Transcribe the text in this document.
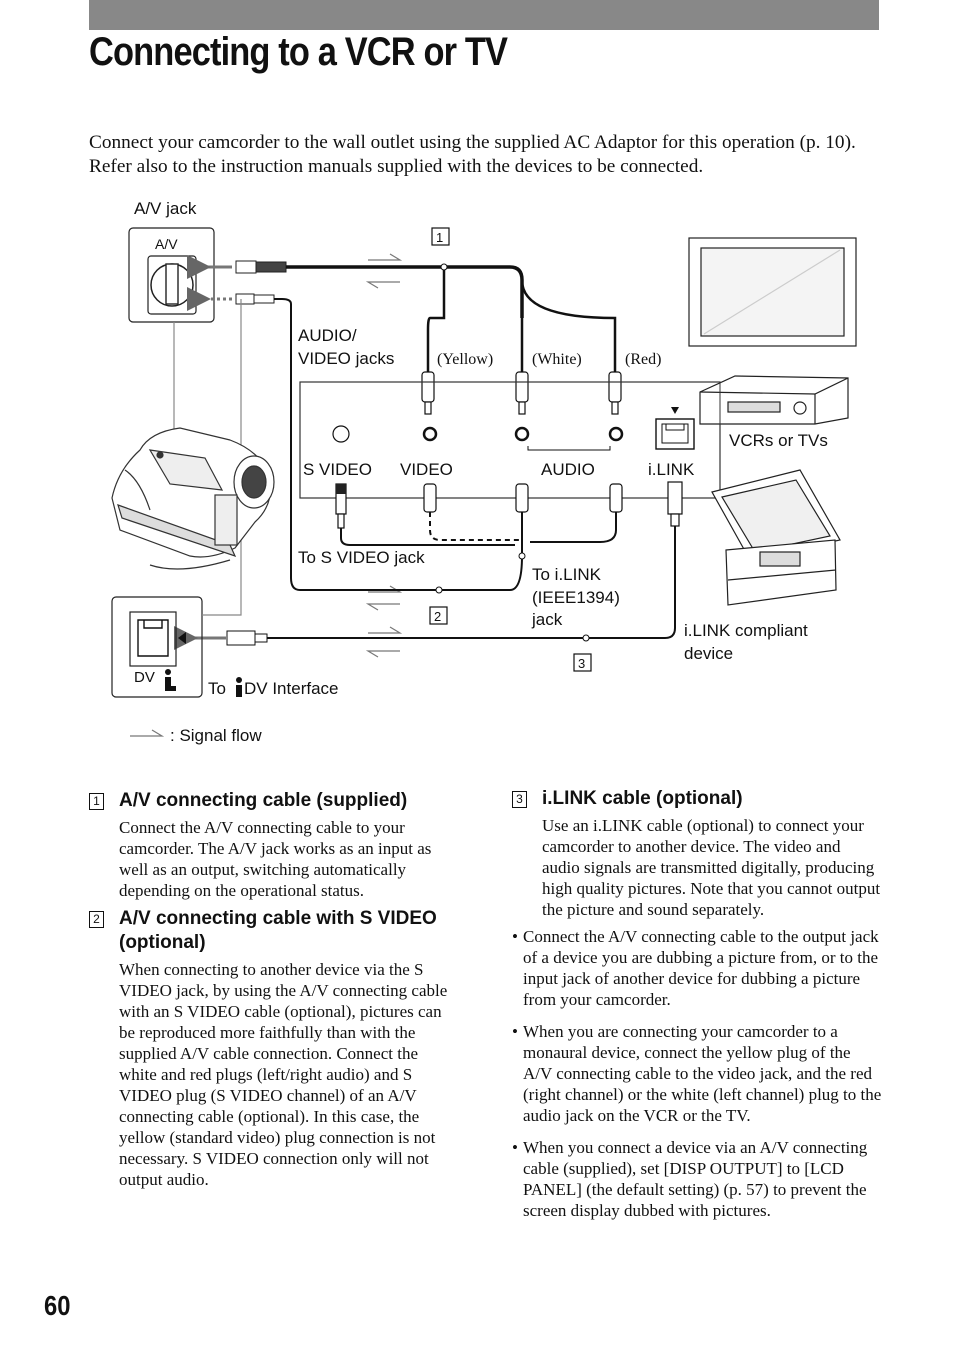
Connecting to a VCR or TV

Connect your camcorder to the wall outlet using the supplied AC Adaptor for this operation (p. 10). Refer also to the instruction manuals supplied with the devices to be connected.

A/V jack
A/V	1
AUDIO/
VIDEO jacks	(Yellow) (White)	(Red)
S VIDEO VIDEO	AUDIO	i.LINK
To S VIDEO jack
2
To i.LINK
(IEEE1394)
jack
3
DV
To DV Interface
VCRs or TVs
i.LINK compliant
device
: Signal flow

1 A/V connecting cable (supplied)

Connect the A/V connecting cable to your camcorder. The A/V jack works as an input as well as an output, switching automatically depending on the operational status.

2 A/V connecting cable with S VIDEO (optional)

When connecting to another device via the S VIDEO jack, by using the A/V connecting cable with an S VIDEO cable (optional), pictures can be reproduced more faithfully than with the supplied A/V cable connection. Connect the white and red plugs (left/right audio) and S VIDEO plug (S VIDEO channel) of an A/V connecting cable (optional). In this case, the yellow (standard video) plug connection is not necessary. S VIDEO connection only will not output audio.

3 i.LINK cable (optional)

Use an i.LINK cable (optional) to connect your camcorder to another device. The video and audio signals are transmitted digitally, producing high quality pictures. Note that you cannot output the picture and sound separately.

• Connect the A/V connecting cable to the output jack of a device you are dubbing a picture from, or to the input jack of another device for dubbing a picture from your camcorder.

• When you are connecting your camcorder to a monaural device, connect the yellow plug of the A/V connecting cable to the video jack, and the red (right channel) or the white (left channel) plug to the audio jack on the VCR or the TV.

• When you connect a device via an A/V connecting cable (supplied), set [DISP OUTPUT] to [LCD PANEL] (the default setting) (p. 57) to prevent the screen display dubbed with pictures.

60
